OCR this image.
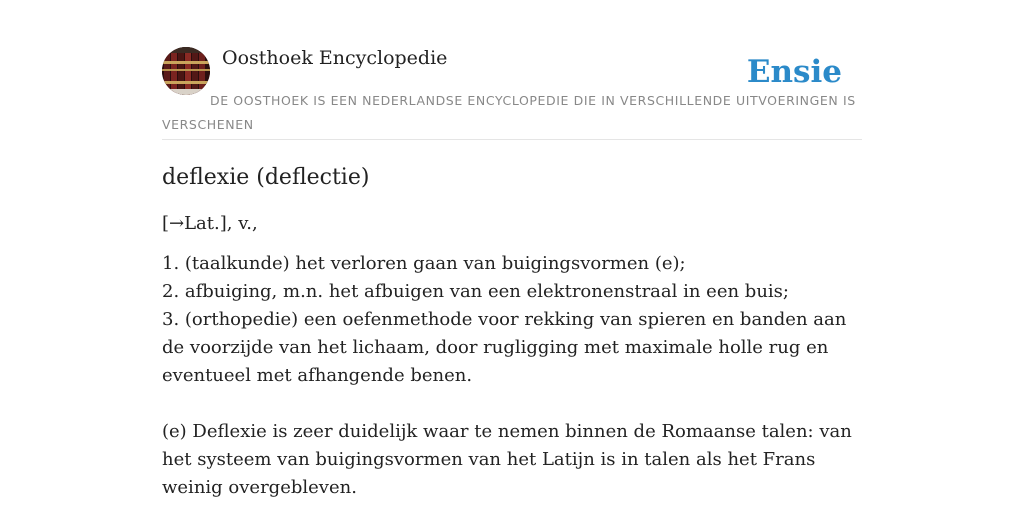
Oosthoek Encyclopedie	Ensie
DE OOSTHOEK IS EEN NEDERLANDSE ENCYCLOPEDIE DIE IN VERSCHILLENDE UITVOERINGEN IS VERSCHENEN
deflexie (deflectie)

[→Lat.], v.,

1. (taalkunde) het verloren gaan van buigingsvormen (e);
2. afbuiging, m.n. het afbuigen van een elektronenstraal in een buis;
3. (orthopedie) een oefenmethode voor rekking van spieren en banden aan de voorzijde van het lichaam, door rugligging met maximale holle rug en eventueel met afhangende benen.

(e) Deflexie is zeer duidelijk waar te nemen binnen de Romaanse talen: van het systeem van buigingsvormen van het Latijn is in talen als het Frans weinig overgebleven.
